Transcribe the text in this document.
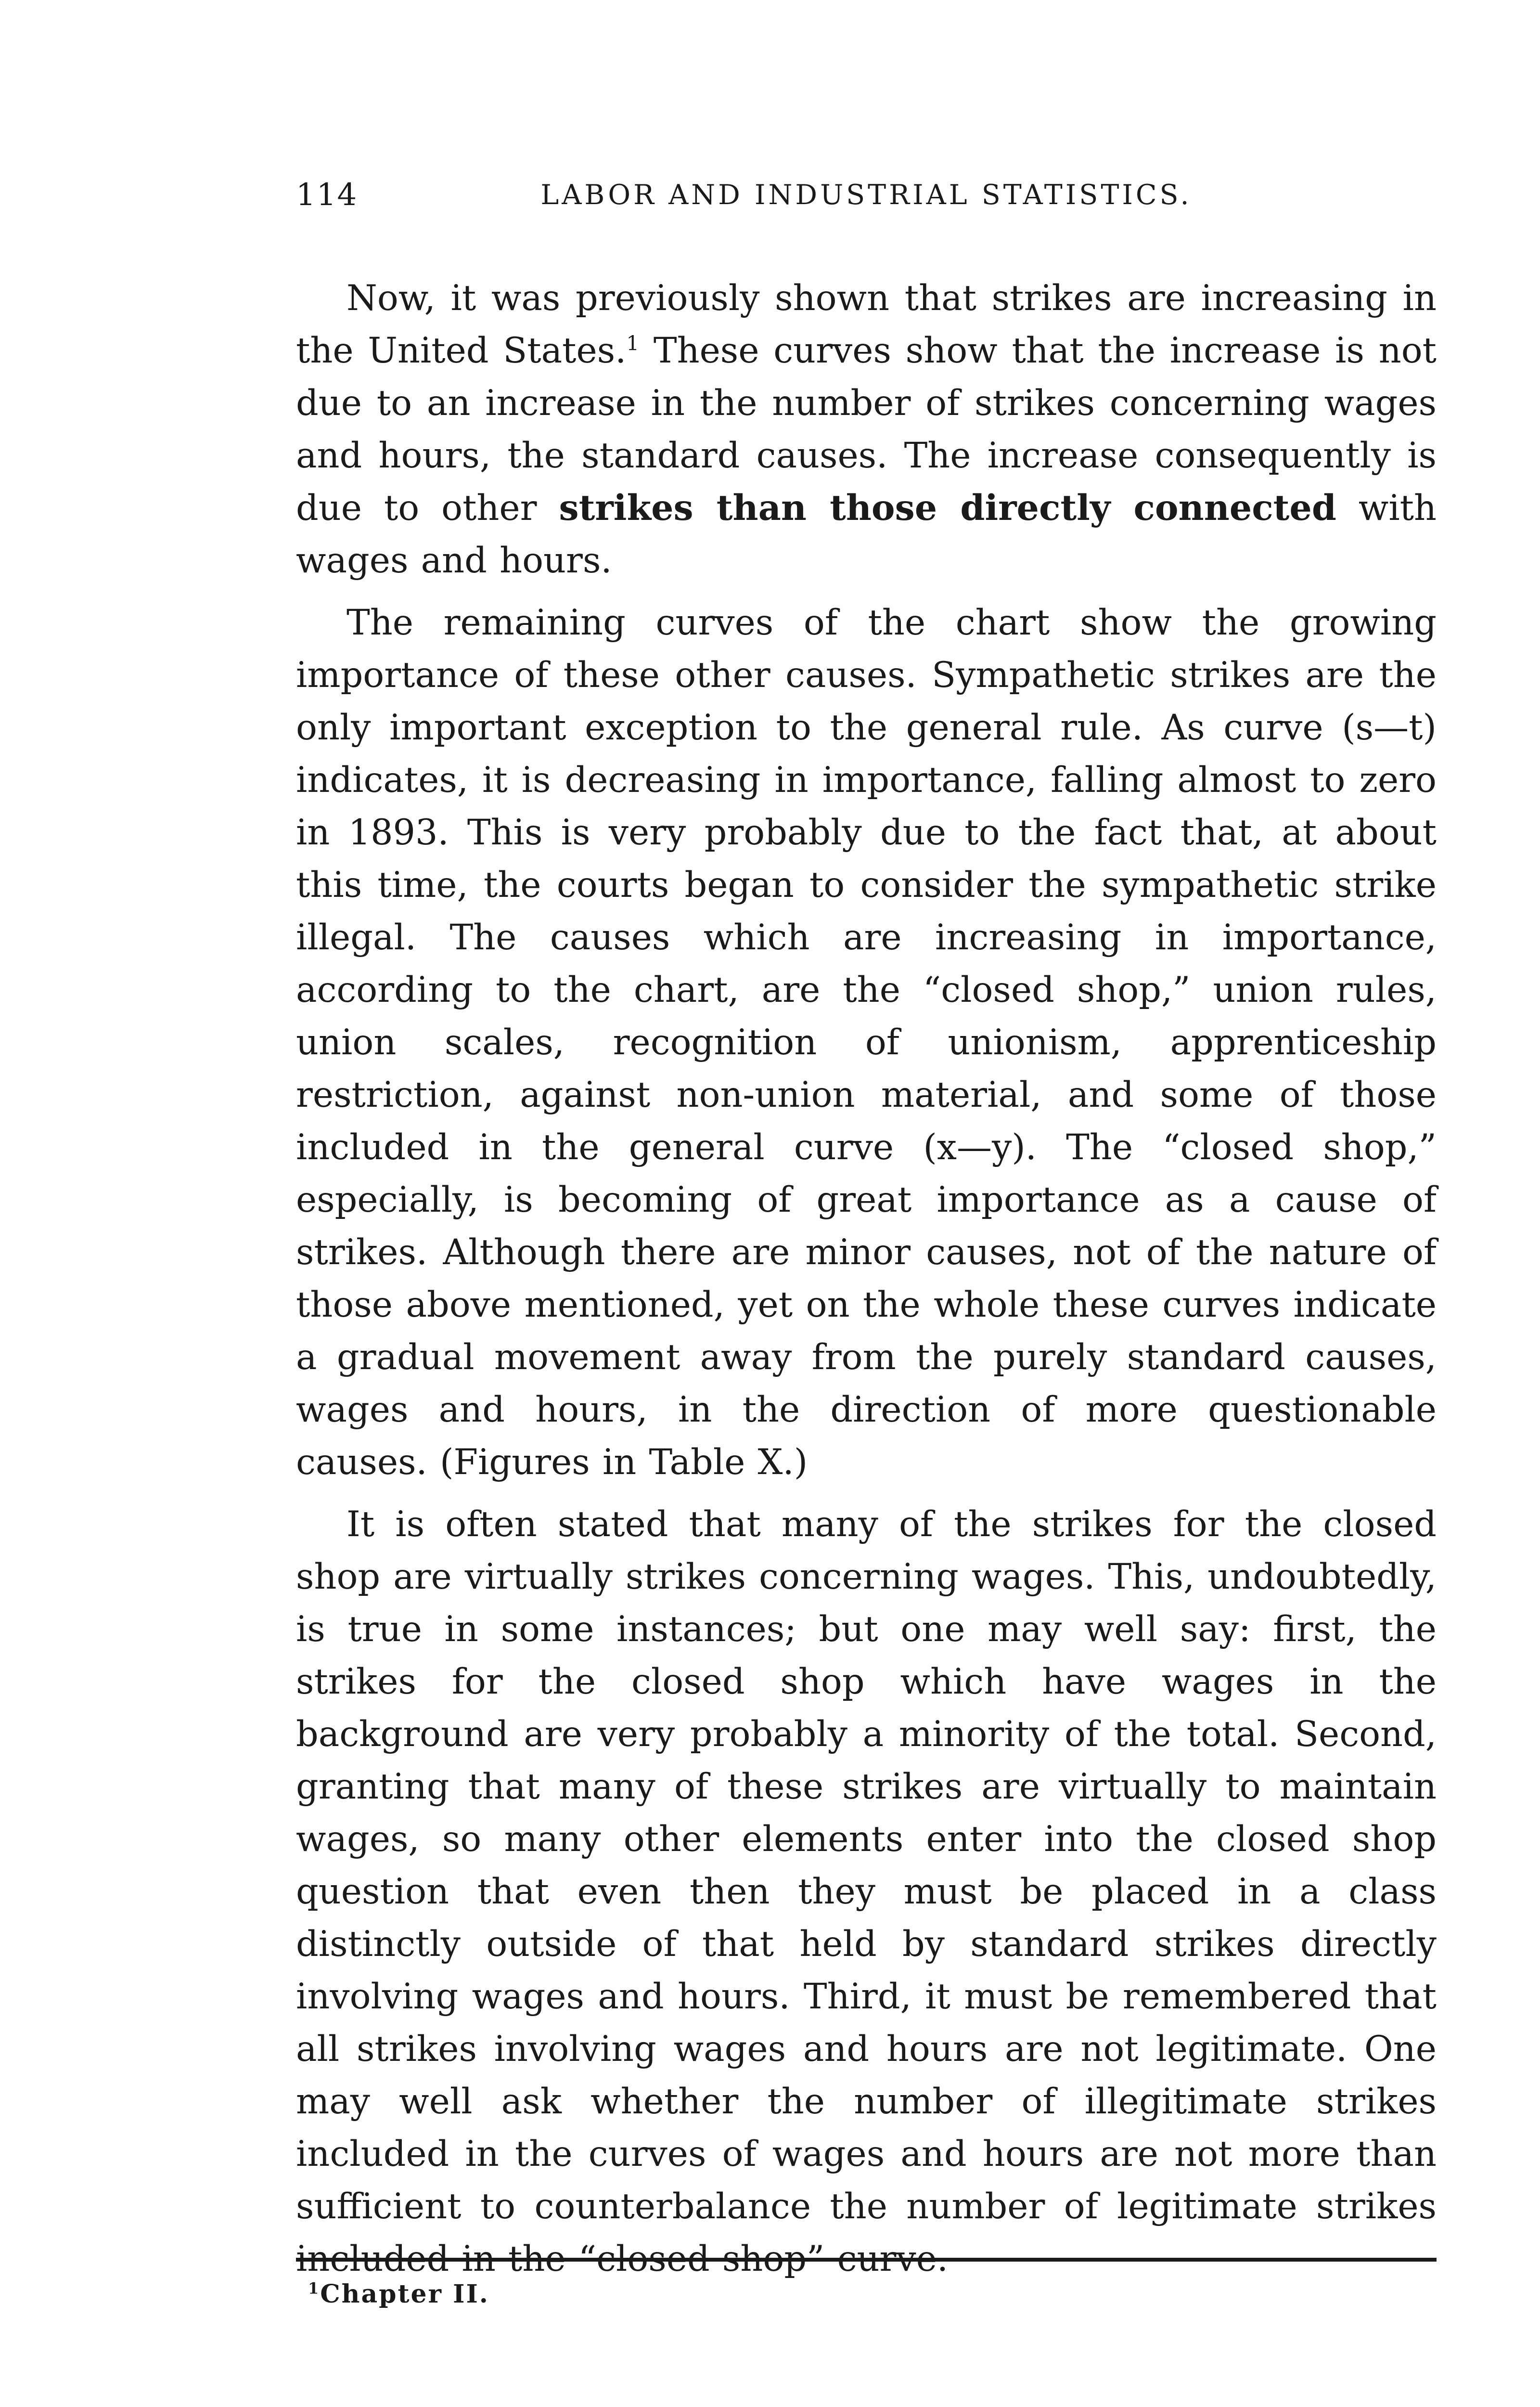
114	LABOR AND INDUSTRIAL STATISTICS.

Now, it was previously shown that strikes are increasing in the United States.$^1$ These curves show that the increase is not due to an increase in the number of strikes concerning wages and hours, the standard causes. The increase consequently is due to other strikes than those directly connected with wages and hours.

The remaining curves of the chart show the growing importance of these other causes. Sympathetic strikes are the only important exception to the general rule. As curve (s—t) indicates, it is decreasing in importance, falling almost to zero in 1893. This is very probably due to the fact that, at about this time, the courts began to consider the sympathetic strike illegal. The causes which are increasing in importance, according to the chart, are the “closed shop,” union rules, union scales, recognition of unionism, apprenticeship restriction, against non-union material, and some of those included in the general curve (x—y). The “closed shop,” especially, is becoming of great importance as a cause of strikes. Although there are minor causes, not of the nature of those above mentioned, yet on the whole these curves indicate a gradual movement away from the purely standard causes, wages and hours, in the direction of more questionable causes. (Figures in Table X.)

It is often stated that many of the strikes for the closed shop are virtually strikes concerning wages. This, undoubtedly, is true in some instances; but one may well say: first, the strikes for the closed shop which have wages in the background are very probably a minority of the total. Second, granting that many of these strikes are virtually to maintain wages, so many other elements enter into the closed shop question that even then they must be placed in a class distinctly outside of that held by standard strikes directly involving wages and hours. Third, it must be remembered that all strikes involving wages and hours are not legitimate. One may well ask whether the number of illegitimate strikes included in the curves of wages and hours are not more than sufficient to counterbalance the number of legitimate strikes included in the “closed shop” curve.

$^1$Chapter II.
